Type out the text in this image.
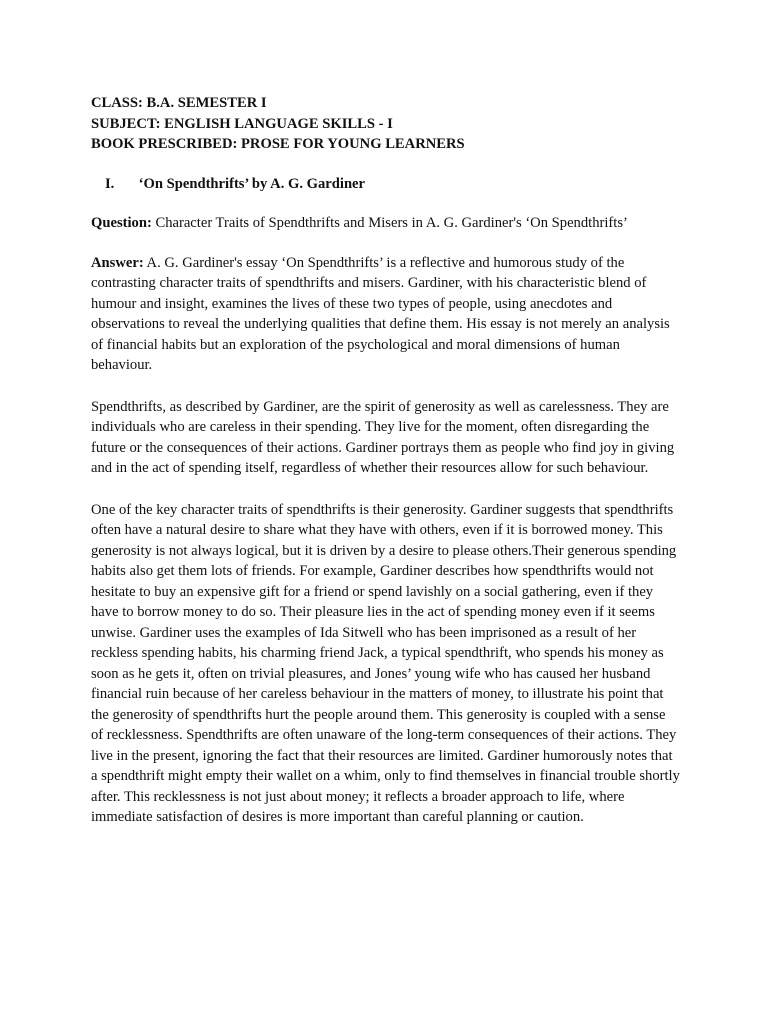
CLASS: B.A. SEMESTER I

SUBJECT: ENGLISH LANGUAGE SKILLS - I

BOOK PRESCRIBED: PROSE FOR YOUNG LEARNERS

I. ‘On Spendthrifts’ by A. G. Gardiner

Question: Character Traits of Spendthrifts and Misers in A. G. Gardiner's ‘On Spendthrifts’

Answer: A. G. Gardiner's essay ‘On Spendthrifts’ is a reflective and humorous study of the contrasting character traits of spendthrifts and misers. Gardiner, with his characteristic blend of humour and insight, examines the lives of these two types of people, using anecdotes and observations to reveal the underlying qualities that define them. His essay is not merely an analysis of financial habits but an exploration of the psychological and moral dimensions of human behaviour.

Spendthrifts, as described by Gardiner, are the spirit of generosity as well as carelessness. They are individuals who are careless in their spending. They live for the moment, often disregarding the future or the consequences of their actions. Gardiner portrays them as people who find joy in giving and in the act of spending itself, regardless of whether their resources allow for such behaviour.

One of the key character traits of spendthrifts is their generosity. Gardiner suggests that spendthrifts often have a natural desire to share what they have with others, even if it is borrowed money. This generosity is not always logical, but it is driven by a desire to please others.Their generous spending habits also get them lots of friends. For example, Gardiner describes how spendthrifts would not hesitate to buy an expensive gift for a friend or spend lavishly on a social gathering, even if they have to borrow money to do so. Their pleasure lies in the act of spending money even if it seems unwise. Gardiner uses the examples of Ida Sitwell who has been imprisoned as a result of her reckless spending habits, his charming friend Jack, a typical spendthrift, who spends his money as soon as he gets it, often on trivial pleasures, and Jones’ young wife who has caused her husband financial ruin because of her careless behaviour in the matters of money, to illustrate his point that the generosity of spendthrifts hurt the people around them. This generosity is coupled with a sense of recklessness. Spendthrifts are often unaware of the long-term consequences of their actions. They live in the present, ignoring the fact that their resources are limited. Gardiner humorously notes that a spendthrift might empty their wallet on a whim, only to find themselves in financial trouble shortly after. This recklessness is not just about money; it reflects a broader approach to life, where immediate satisfaction of desires is more important than careful planning or caution.
